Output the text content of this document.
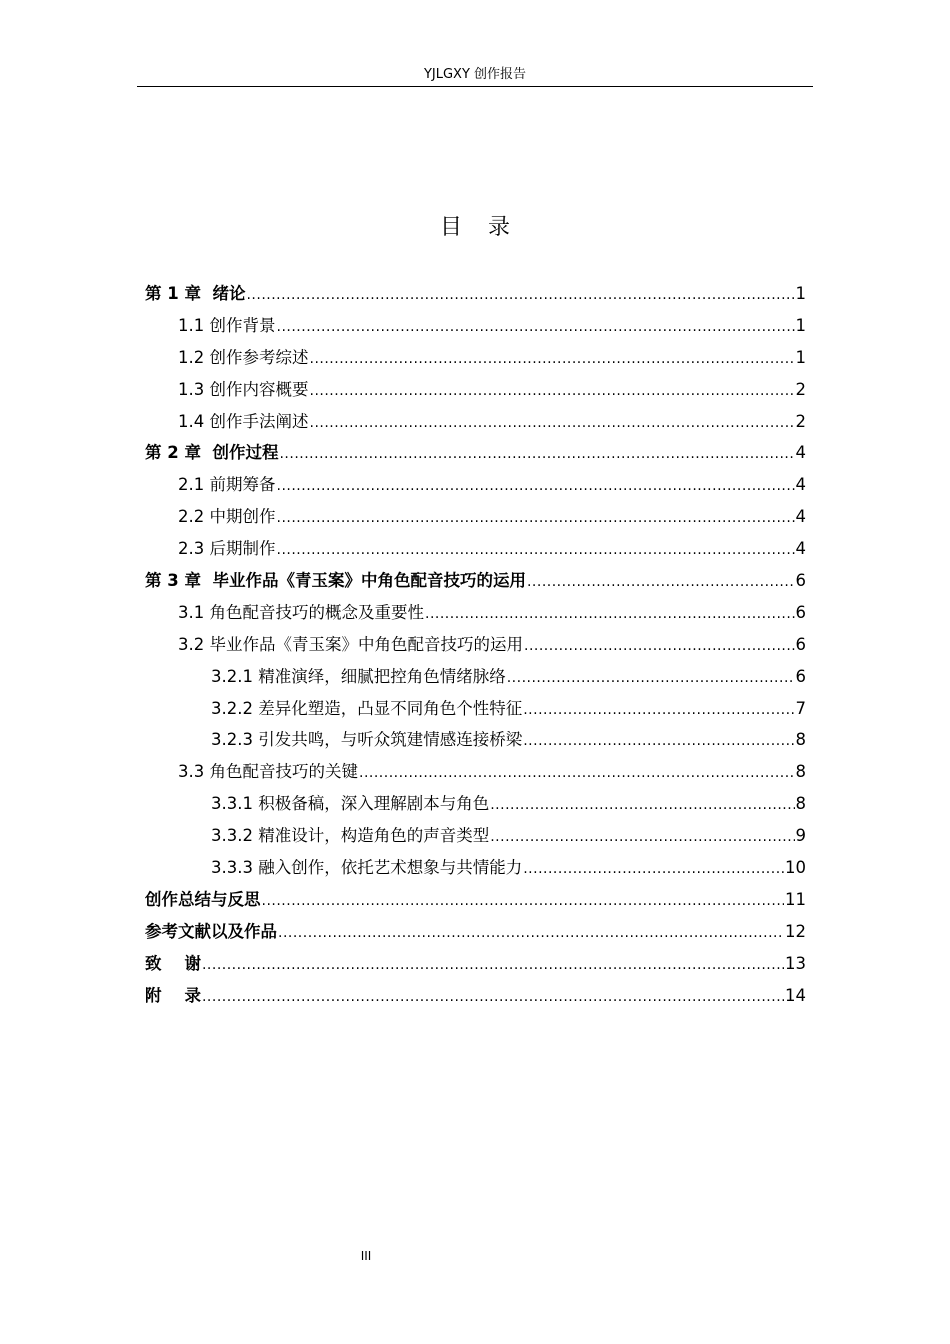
YJLGXY 创作报告
目 录
第 1 章  绪论 .....	1
1.1 创作背景 .....	1
1.2 创作参考综述 .....	1
1.3 创作内容概要 .....	2
1.4 创作手法阐述 .....	2
第 2 章  创作过程 .....	4
2.1 前期筹备 .....	4
2.2 中期创作 .....	4
2.3 后期制作 .....	4
第 3 章  毕业作品《青玉案》中角色配音技巧的运用 .....	6
3.1 角色配音技巧的概念及重要性 .....	6
3.2 毕业作品《青玉案》中角色配音技巧的运用 .....	6
3.2.1 精准演绎，细腻把控角色情绪脉络 .....	6
3.2.2 差异化塑造，凸显不同角色个性特征 .....	7
3.2.3 引发共鸣，与听众筑建情感连接桥梁 .....	8
3.3 角色配音技巧的关键 .....	8
3.3.1 积极备稿，深入理解剧本与角色 .....	8
3.3.2 精准设计，构造角色的声音类型 .....	9
3.3.3 融入创作，依托艺术想象与共情能力 .....	10
创作总结与反思 .....	11
参考文献以及作品 .....	12
致    谢 .....	13
附    录 .....	14
III
